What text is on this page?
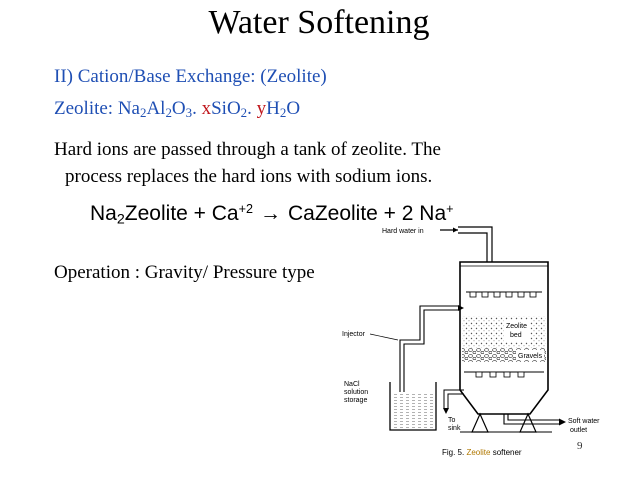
Water Softening
II) Cation/Base Exchange: (Zeolite)
Zeolite: $Na_2Al_2O_3$. xSiO$_2$. $yH_2O$
Hard ions are passed through a tank of zeolite. The
process replaces the hard ions with sodium ions.
$Na_2Zeolite + Ca^{+2}$ → CaZeolite + 2 Na+
Operation : Gravity/ Pressure type
Hard water in
Zeolite
bed
Gravels
Soft water
outlet
Injector
NaCl
solution
storage
To
sink
Fig. 5. Zeolite softener
9
